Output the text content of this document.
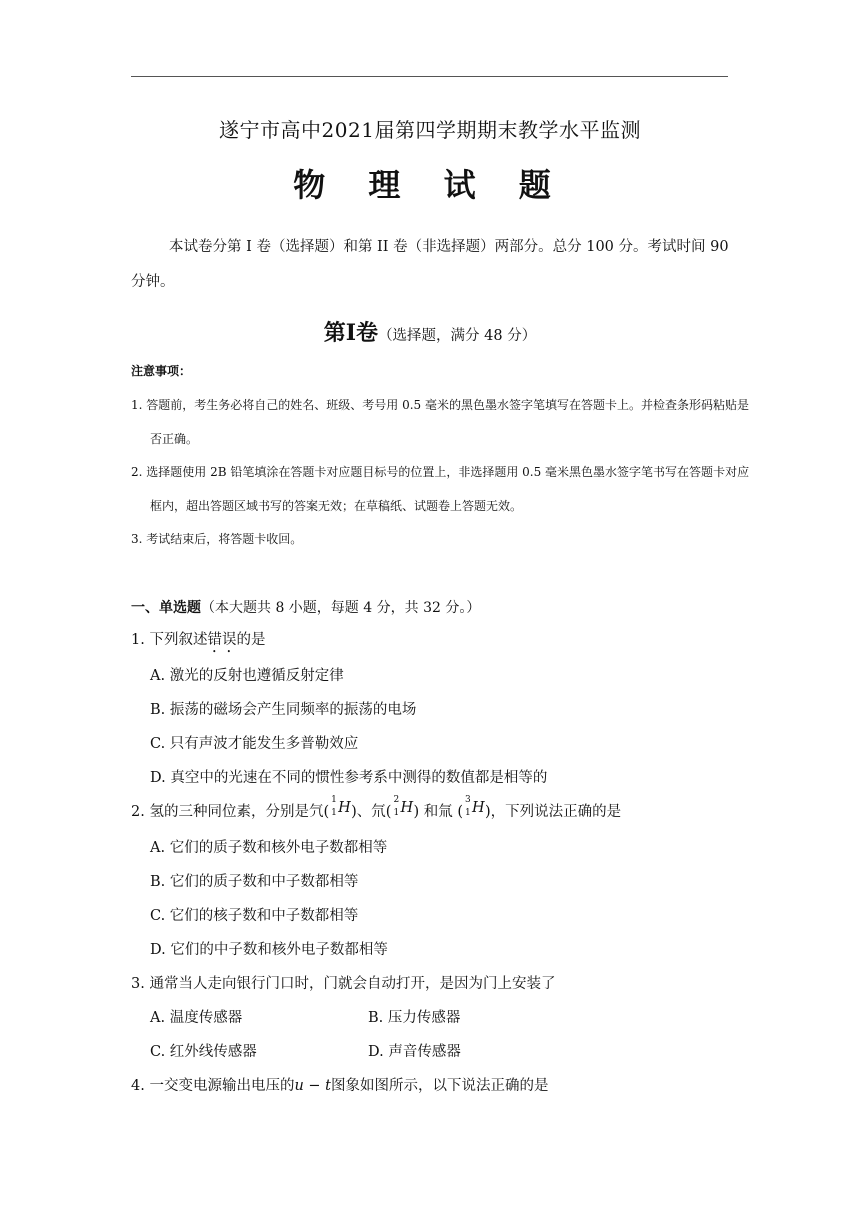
遂宁市高中2021届第四学期期末教学水平监测
物 理 试 题
本试卷分第 I 卷（选择题）和第 II 卷（非选择题）两部分。总分 100 分。考试时间 90 分钟。
第Ⅰ卷（选择题，满分 48 分）
注意事项：
1. 答题前，考生务必将自己的姓名、班级、考号用 0.5 毫米的黑色墨水签字笔填写在答题卡上。并检查条形码粘贴是
否正确。
2. 选择题使用 2B 铅笔填涂在答题卡对应题目标号的位置上，非选择题用 0.5 毫米黑色墨水签字笔书写在答题卡对应
框内，超出答题区域书写的答案无效；在草稿纸、试题卷上答题无效。
3. 考试结束后，将答题卡收回。
一、单选题（本大题共 8 小题，每题 4 分，共 32 分。）
1. 下列叙述错误的是
A. 激光的反射也遵循反射定律
B. 振荡的磁场会产生同频率的振荡的电场
C. 只有声波才能发生多普勒效应
D. 真空中的光速在不同的惯性参考系中测得的数值都是相等的
2. 氢的三种同位素，分别是氕(
1
1 H )、氘(
2
1 H ) 和氚 (
3
1 H )，下列说法正确的是
A. 它们的质子数和核外电子数都相等
B. 它们的质子数和中子数都相等
C. 它们的核子数和中子数都相等
D. 它们的中子数和核外电子数都相等
3. 通常当人走向银行门口时，门就会自动打开，是因为门上安装了
A. 温度传感器	B. 压力传感器
C. 红外线传感器	D. 声音传感器
4. 一交变电源输出电压的u − t图象如图所示，以下说法正确的是
